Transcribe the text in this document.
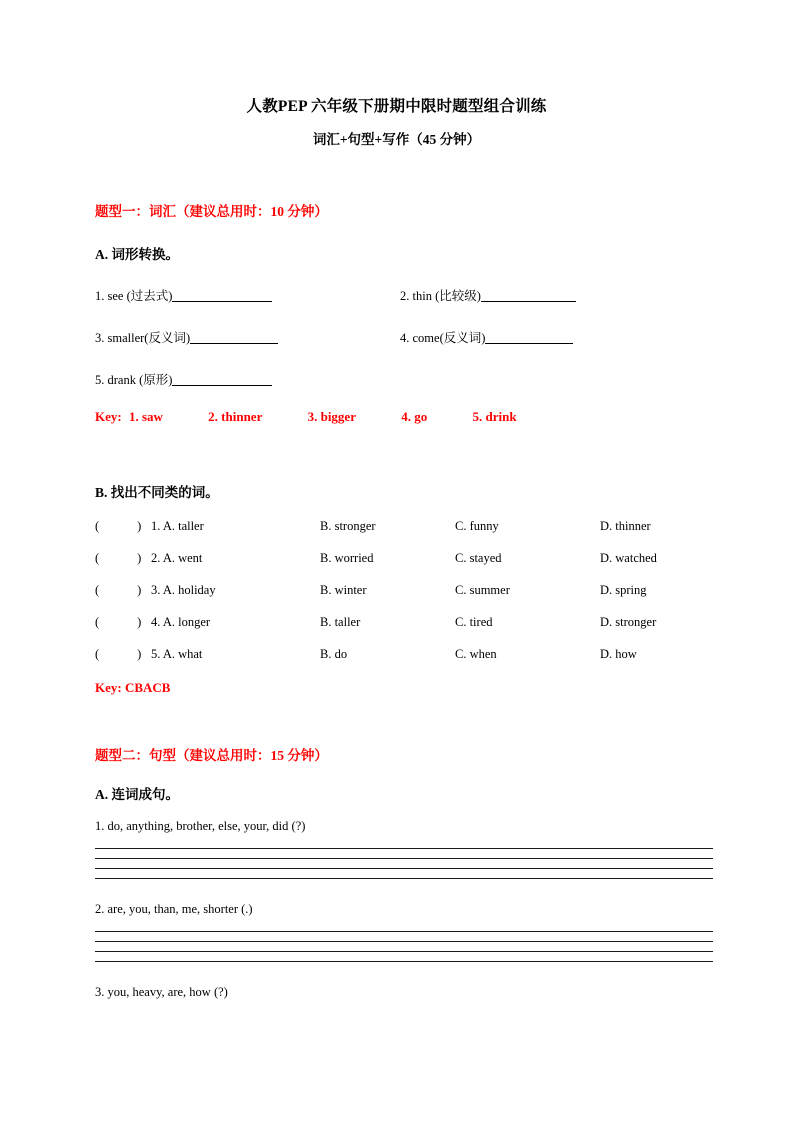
人教PEP 六年级下册期中限时题型组合训练
词汇+句型+写作（45 分钟）
题型一：词汇（建议总用时：10 分钟）
A. 词形转换。
1. see (过去式)	2. thin (比较级)
3. smaller(反义词)	4. come(反义词)
5. drank (原形)
Key: 1. saw	2. thinner	3. bigger	4. go	5. drink
B. 找出不同类的词。
(	) 1. A. taller	B. stronger	C. funny	D. thinner
(	) 2. A. went	B. worried	C. stayed	D. watched
(	) 3. A. holiday	B. winter	C. summer	D. spring
(	) 4. A. longer	B. taller	C. tired	D. stronger
(	) 5. A. what	B. do	C. when	D. how
Key: CBACB
题型二：句型（建议总用时：15 分钟）
A. 连词成句。
1. do, anything, brother, else, your, did (?)
2. are, you, than, me, shorter (.)
3. you, heavy, are, how (?)
